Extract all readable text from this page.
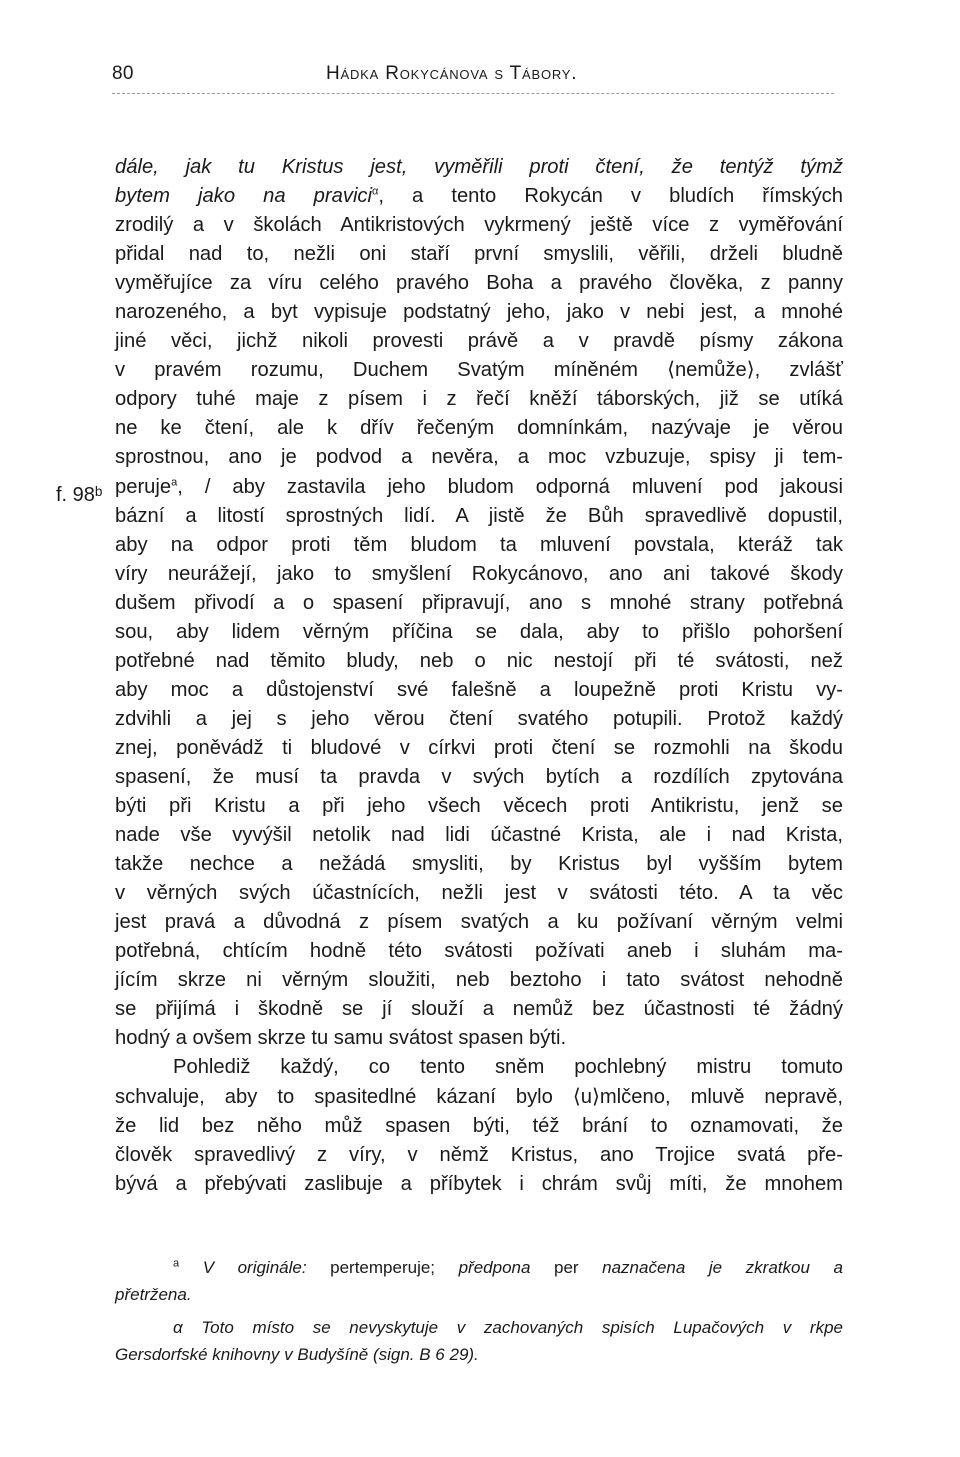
80	Hádka Rokycánova s Tábory.
f. 98ᵇ
dále, jak tu Kristus jest, vyměřili proti čtení, že tentýž týmž
bytem jako na pravici$^\alpha$, a tento Rokycán v bludích římských
zrodilý a v školách Antikristových vykrmený ještě více z vyměřování
přidal nad to, nežli oni staří první smyslili, věřili, drželi bludně
vyměřujíce za víru celého pravého Boha a pravého člověka, z panny
narozeného, a byt vypisuje podstatný jeho, jako v nebi jest, a mnohé
jiné věci, jichž nikoli provesti právě a v pravdě písmy zákona
v pravém rozumu, Duchem Svatým míněném ⟨nemůže⟩, zvlášť
odpory tuhé maje z písem i z řečí kněží táborských, již se utíká
ne ke čtení, ale k dřív řečeným domnínkám, nazývaje je věrou
sprostnou, ano je podvod a nevěra, a moc vzbuzuje, spisy ji tem-
peruje$^a$, / aby zastavila jeho bludom odporná mluvení pod jakousi
bázní a litostí sprostných lidí. A jistě že Bůh spravedlivě dopustil,
aby na odpor proti těm bludom ta mluvení povstala, kteráž tak
víry neurážejí, jako to smyšlení Rokycánovo, ano ani takové škody
dušem přivodí a o spasení připravují, ano s mnohé strany potřebná
sou, aby lidem věrným příčina se dala, aby to přišlo pohoršení
potřebné nad těmito bludy, neb o nic nestojí při té svátosti, než
aby moc a důstojenství své falešně a loupežně proti Kristu vy-
zdvihli a jej s jeho věrou čtení svatého potupili. Protož každý
znej, poněvádž ti bludové v církvi proti čtení se rozmohli na škodu
spasení, že musí ta pravda v svých bytích a rozdílích zpytována
býti při Kristu a při jeho všech věcech proti Antikristu, jenž se
nade vše vyvýšil netolik nad lidi účastné Krista, ale i nad Krista,
takže nechce a nežádá smysliti, by Kristus byl vyšším bytem
v věrných svých účastnících, nežli jest v svátosti této. A ta věc
jest pravá a důvodná z písem svatých a ku požívaní věrným velmi
potřebná, chtícím hodně této svátosti požívati aneb i sluhám ma-
jícím skrze ni věrným sloužiti, neb beztoho i tato svátost nehodně
se přijímá i škodně se jí slouží a nemůž bez účastnosti té žádný
hodný a ovšem skrze tu samu svátost spasen býti.
Pohlediž každý, co tento sněm pochlebný mistru tomuto
schvaluje, aby to spasitedlné kázaní bylo ⟨u⟩mlčeno, mluvě nepravě,
že lid bez něho můž spasen býti, též brání to oznamovati, že
člověk spravedlivý z víry, v němž Kristus, ano Trojice svatá pře-
bývá a přebývati zaslibuje a příbytek i chrám svůj míti, že mnohem
$^a$ V originále: pertemperuje; předpona per naznačena je zkratkou a
přetržena.
α Toto místo se nevyskytuje v zachovaných spisích Lupačových v rkpe
Gersdorfské knihovny v Budyšíně (sign. B 6 29).
